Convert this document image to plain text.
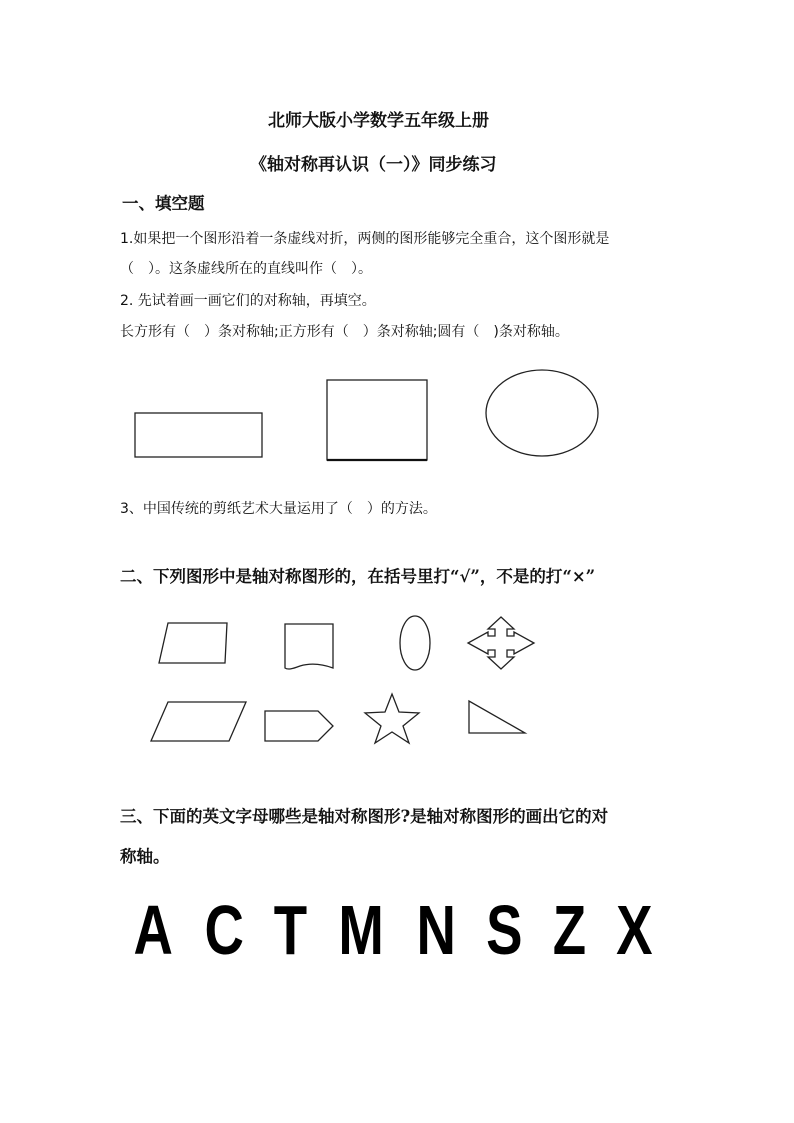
北师大版小学数学五年级上册
《轴对称再认识（一）》同步练习
一、填空题
1.如果把一个图形沿着一条虚线对折，两侧的图形能够完全重合，这个图形就是
（　）。这条虚线所在的直线叫作（　）。
2. 先试着画一画它们的对称轴，再填空。
长方形有（　）条对称轴;正方形有（　）条对称轴;圆有（　)条对称轴。
3、中国传统的剪纸艺术大量运用了（　）的方法。
二、下列图形中是轴对称图形的，在括号里打“√”，不是的打“×”
三、下面的英文字母哪些是轴对称图形?是轴对称图形的画出它的对
称轴。
A C T M N S Z X
